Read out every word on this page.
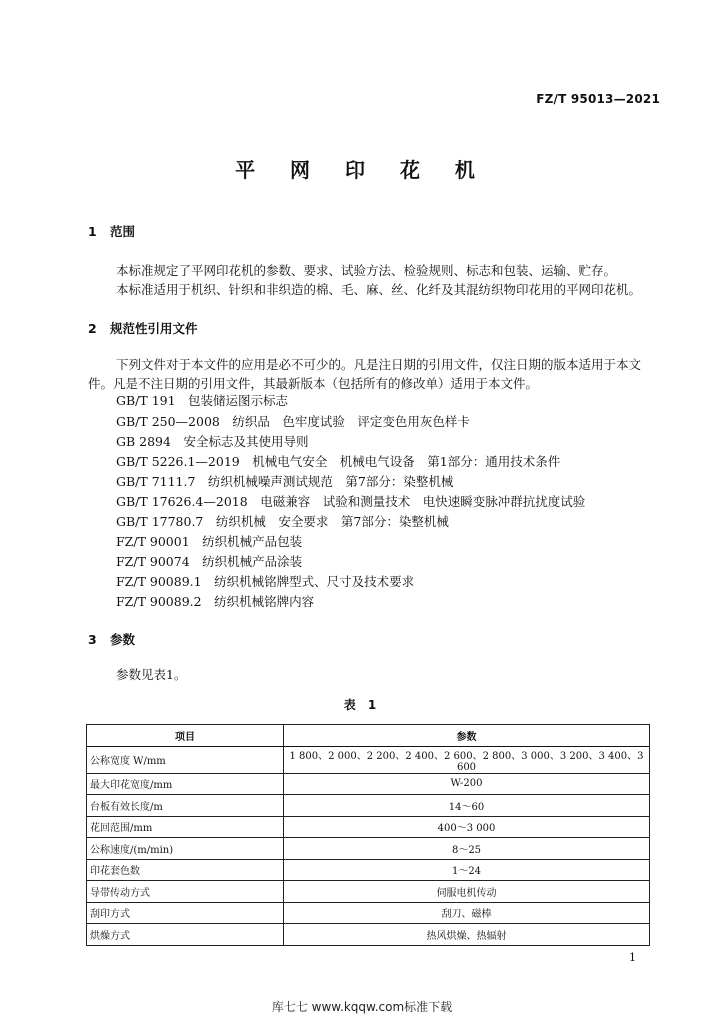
FZ/T 95013—2021
平 网 印 花 机
1 范围
本标准规定了平网印花机的参数、要求、试验方法、检验规则、标志和包装、运输、贮存。
本标准适用于机织、针织和非织造的棉、毛、麻、丝、化纤及其混纺织物印花用的平网印花机。
2 规范性引用文件
下列文件对于本文件的应用是必不可少的。凡是注日期的引用文件，仅注日期的版本适用于本文件。凡是不注日期的引用文件，其最新版本（包括所有的修改单）适用于本文件。
GB/T 191　包装储运图示标志
GB/T 250—2008　纺织品　色牢度试验　评定变色用灰色样卡
GB 2894　安全标志及其使用导则
GB/T 5226.1—2019　机械电气安全　机械电气设备　第1部分：通用技术条件
GB/T 7111.7　纺织机械噪声测试规范　第7部分：染整机械
GB/T 17626.4—2018　电磁兼容　试验和测量技术　电快速瞬变脉冲群抗扰度试验
GB/T 17780.7　纺织机械　安全要求　第7部分：染整机械
FZ/T 90001　纺织机械产品包装
FZ/T 90074　纺织机械产品涂装
FZ/T 90089.1　纺织机械铭牌型式、尺寸及技术要求
FZ/T 90089.2　纺织机械铭牌内容
3 参数
参数见表1。
表 1
项目	参数
公称宽度 W/mm	1 800、2 000、2 200、2 400、2 600、2 800、3 000、3 200、3 400、3 600
最大印花宽度/mm	W-200
台板有效长度/m	14～60
花回范围/mm	400～3 000
公称速度/(m/min)	8～25
印花套色数	1～24
导带传动方式	伺服电机传动
刮印方式	刮刀、磁棒
烘燥方式	热风烘燥、热辐射
1
库七七 www.kqqw.com标准下载
